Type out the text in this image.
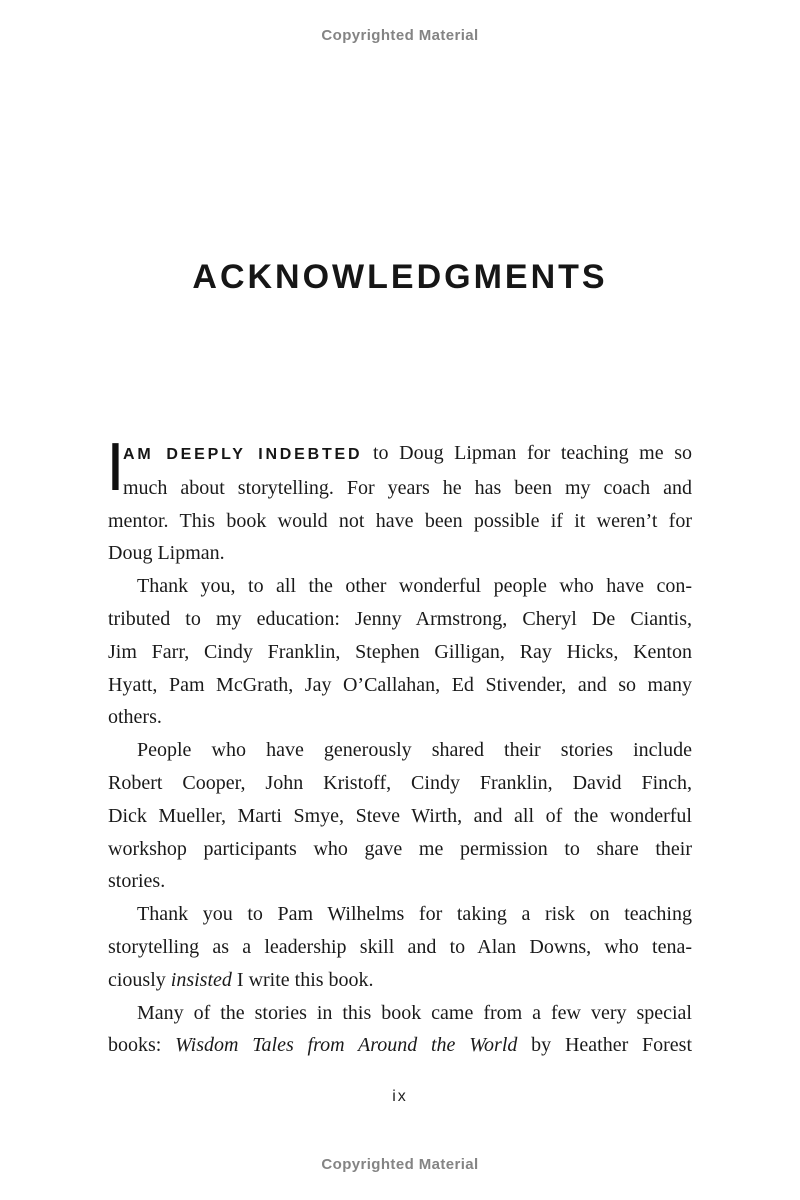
Copyrighted Material
ACKNOWLEDGMENTS
I
AM DEEPLY INDEBTED to Doug Lipman for teaching me so
much about storytelling. For years he has been my coach and
mentor. This book would not have been possible if it weren’t for
Doug Lipman.
Thank you, to all the other wonderful people who have con-
tributed to my education: Jenny Armstrong, Cheryl De Ciantis,
Jim Farr, Cindy Franklin, Stephen Gilligan, Ray Hicks, Kenton
Hyatt, Pam McGrath, Jay O’Callahan, Ed Stivender, and so many
others.
People who have generously shared their stories include
Robert Cooper, John Kristoff, Cindy Franklin, David Finch,
Dick Mueller, Marti Smye, Steve Wirth, and all of the wonderful
workshop participants who gave me permission to share their
stories.
Thank you to Pam Wilhelms for taking a risk on teaching
storytelling as a leadership skill and to Alan Downs, who tena-
ciously insisted I write this book.
Many of the stories in this book came from a few very special
books: Wisdom Tales from Around the World by Heather Forest
ix
Copyrighted Material
